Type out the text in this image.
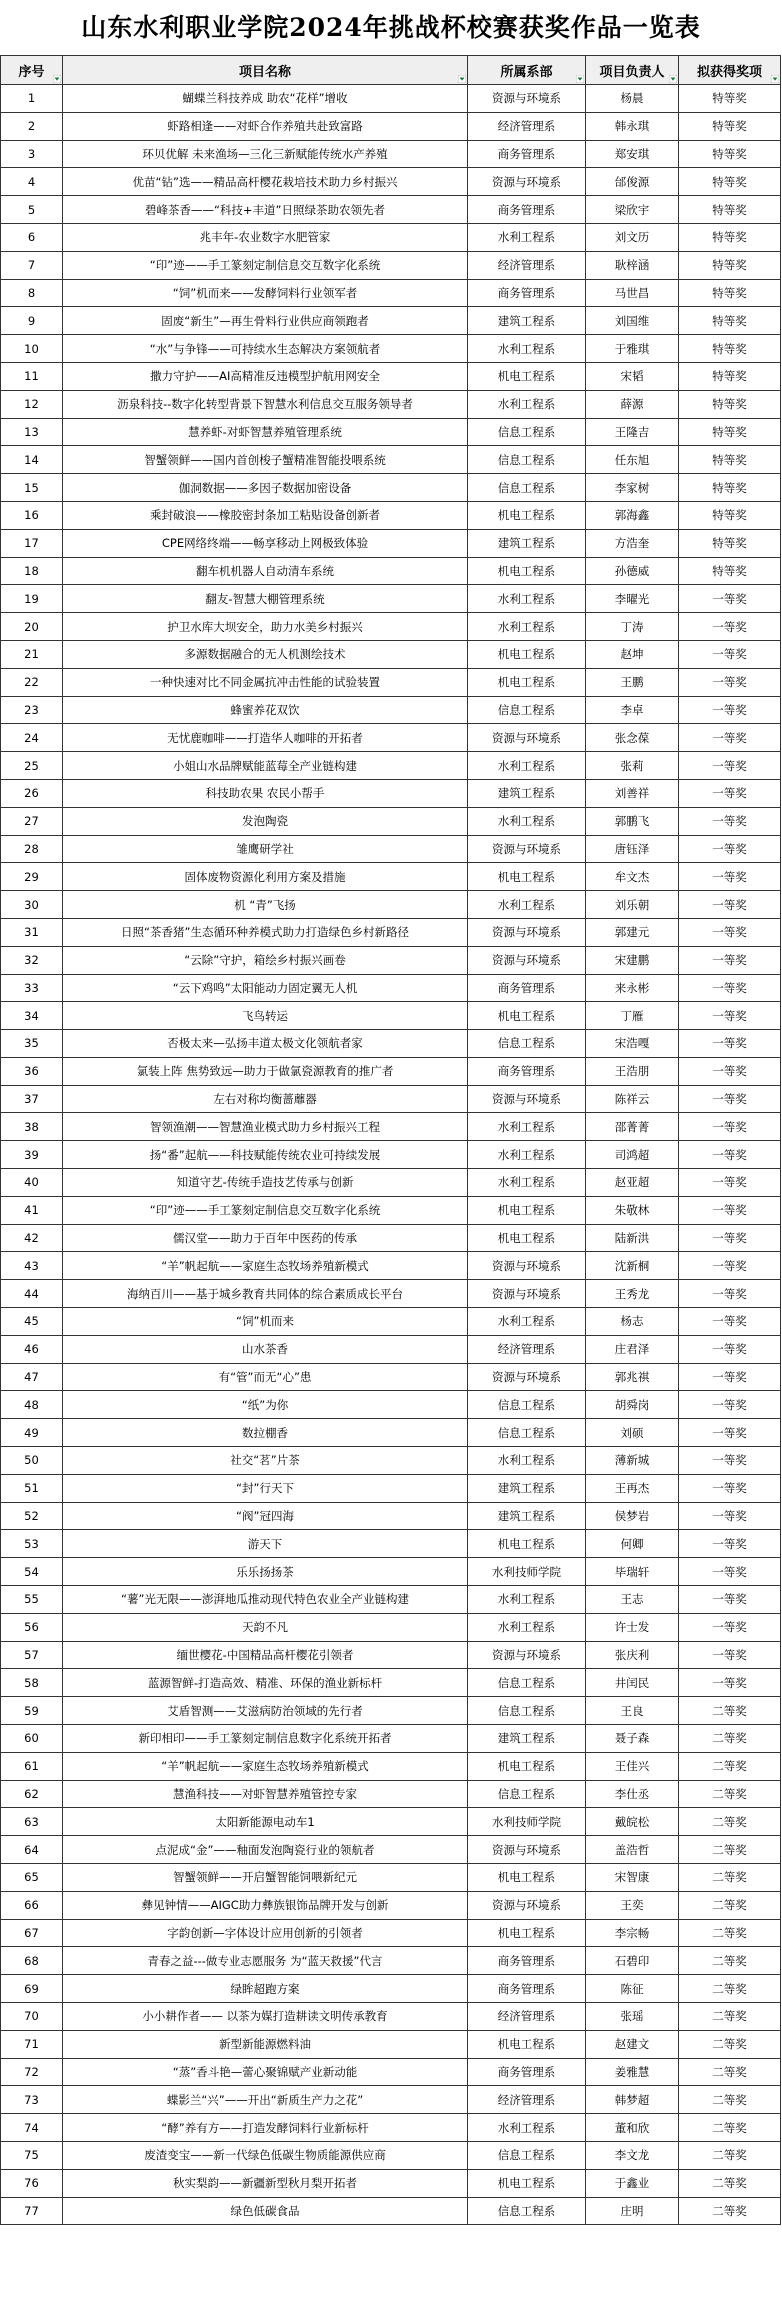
山东水利职业学院2024年挑战杯校赛获奖作品一览表
序号	项目名称	所属系部	项目负责人	拟获得奖项

1	蝴蝶兰科技养成 助农“花样”增收	资源与环境系	杨晨	特等奖
2	虾路相逢——对虾合作养殖共赴致富路	经济管理系	韩永琪	特等奖
3	环贝优解 未来渔场—三化三新赋能传统水产养殖	商务管理系	郑安琪	特等奖
4	优苗“钻”选——精品高杆樱花栽培技术助力乡村振兴	资源与环境系	邰俊源	特等奖
5	碧峰茶香——“科技+丰道”日照绿茶助农领先者	商务管理系	梁欣宇	特等奖
6	兆丰年-农业数字水肥管家	水利工程系	刘文历	特等奖
7	“印”迹——手工篆刻定制信息交互数字化系统	经济管理系	耿梓涵	特等奖
8	“饲”机而来——发酵饲料行业领军者	商务管理系	马世昌	特等奖
9	固废“新生”—再生骨料行业供应商领跑者	建筑工程系	刘国维	特等奖
10	“水”与争锋——可持续水生态解决方案领航者	水利工程系	于雅琪	特等奖
11	撒力守护——AI高精准反违模型护航用网安全	机电工程系	宋韬	特等奖
12	沥泉科技--数字化转型背景下智慧水利信息交互服务领导者	水利工程系	薛源	特等奖
13	慧养虾-对虾智慧养殖管理系统	信息工程系	王隆吉	特等奖
14	智蟹领鲜——国内首创梭子蟹精准智能投喂系统	信息工程系	任东旭	特等奖
15	伽洞数据——多因子数据加密设备	信息工程系	李家树	特等奖
16	乘封破浪——橡胶密封条加工粘贴设备创新者	机电工程系	郭海鑫	特等奖
17	CPE网络终端——畅享移动上网极致体验	建筑工程系	方浩奎	特等奖
18	翻车机机器人自动清车系统	机电工程系	孙德威	特等奖
19	翻友-智慧大棚管理系统	水利工程系	李曜光	一等奖
20	护卫水库大坝安全，助力水美乡村振兴	水利工程系	丁涛	一等奖
21	多源数据融合的无人机测绘技术	机电工程系	赵坤	一等奖
22	一种快速对比不同金属抗冲击性能的试验装置	机电工程系	王鹏	一等奖
23	蜂蜜养花双饮	信息工程系	李卓	一等奖
24	无忧鹿咖啡——打造华人咖啡的开拓者	资源与环境系	张念葆	一等奖
25	小姐山水品牌赋能蓝莓全产业链构建	水利工程系	张莉	一等奖
26	科技助农果 农民小帮手	建筑工程系	刘善祥	一等奖
27	发泡陶瓷	水利工程系	郭鹏飞	一等奖
28	雏鹰研学社	资源与环境系	唐钰泽	一等奖
29	固体废物资源化利用方案及措施	机电工程系	牟文杰	一等奖
30	机 “青”飞扬	水利工程系	刘乐朝	一等奖
31	日照“茶香猪”生态循环种养模式助力打造绿色乡村新路径	资源与环境系	郭建元	一等奖
32	“云除”守护，箱绘乡村振兴画卷	资源与环境系	宋建鹏	一等奖
33	“云下鸡鸣”太阳能动力固定翼无人机	商务管理系	来永彬	一等奖
34	飞鸟转运	机电工程系	丁雁	一等奖
35	否极太来—弘扬丰道太极文化领航者家	信息工程系	宋浩嘎	一等奖
36	氯装上阵 焦势致远—助力于做氯瓷源教育的推广者	商务管理系	王浩朋	一等奖
37	左右对称均衡蔷蘼器	资源与环境系	陈祥云	一等奖
38	智领渔潮——智慧渔业模式助力乡村振兴工程	水利工程系	邵菁菁	一等奖
39	扬“番”起航——科技赋能传统农业可持续发展	水利工程系	司鸿超	一等奖
40	知道守艺-传统手造技艺传承与创新	水利工程系	赵亚超	一等奖
41	“印”迹——手工篆刻定制信息交互数字化系统	机电工程系	朱敬林	一等奖
42	儒汉堂——助力于百年中医药的传承	机电工程系	陆新洪	一等奖
43	“羊”帆起航——家庭生态牧场养殖新模式	资源与环境系	沈新桐	一等奖
44	海纳百川——基于城乡教育共同体的综合素质成长平台	资源与环境系	王秀龙	一等奖
45	“饲”机而来	水利工程系	杨志	一等奖
46	山水茶香	经济管理系	庄君泽	一等奖
47	有“管”而无“心”患	资源与环境系	郭兆祺	一等奖
48	“纸”为你	信息工程系	胡舜岗	一等奖
49	数拉棚香	信息工程系	刘硕	一等奖
50	社交“茗”片茶	水利工程系	薄新城	一等奖
51	“封”行天下	建筑工程系	王再杰	一等奖
52	“阀”冠四海	建筑工程系	侯梦岩	一等奖
53	游天下	机电工程系	何卿	一等奖
54	乐乐扬扬茶	水利技师学院	毕瑞轩	一等奖
55	“薯”光无限——澎湃地瓜推动现代特色农业全产业链构建	水利工程系	王志	一等奖
56	天韵不凡	水利工程系	许士发	一等奖
57	缅世樱花-中国精品高杆樱花引领者	资源与环境系	张庆利	一等奖
58	蓝源智鲜-打造高效、精准、环保的渔业新标杆	信息工程系	井闰民	一等奖
59	艾盾智测——艾滋病防治领域的先行者	信息工程系	王良	二等奖
60	新印相印——手工篆刻定制信息数字化系统开拓者	建筑工程系	聂子森	二等奖
61	“羊”帆起航——家庭生态牧场养殖新模式	机电工程系	王佳兴	二等奖
62	慧渔科技——对虾智慧养殖管控专家	信息工程系	李仕丞	二等奖
63	太阳新能源电动车1	水利技师学院	戴皖松	二等奖
64	点泥成“金”——釉面发泡陶瓷行业的领航者	资源与环境系	盖浩哲	二等奖
65	智蟹领鲜——开启蟹智能饲喂新纪元	机电工程系	宋智康	二等奖
66	彝见钟情——AIGC助力彝族银饰品牌开发与创新	资源与环境系	王奕	二等奖
67	字韵创新—字体设计应用创新的引领者	机电工程系	李宗畅	二等奖
68	青春之益---做专业志愿服务 为“蓝天救援”代言	商务管理系	石碧印	二等奖
69	绿眸超跑方案	商务管理系	陈征	二等奖
70	小小耕作者—— 以茶为媒打造耕读文明传承教育	经济管理系	张瑶	二等奖
71	新型新能源燃料油	机电工程系	赵建文	二等奖
72	“蒸”香斗艳—蕾心聚锦赋产业新动能	商务管理系	姜雅慧	二等奖
73	蝶影兰“兴”——开出“新质生产力之花”	经济管理系	韩梦超	二等奖
74	“酵”养有方——打造发酵饲料行业新标杆	水利工程系	董和欣	二等奖
75	废渣变宝——新一代绿色低碳生物质能源供应商	信息工程系	李文龙	二等奖
76	秋实梨韵——新疆新型秋月梨开拓者	机电工程系	于鑫业	二等奖
77	绿色低碳食品	信息工程系	庄明	二等奖
